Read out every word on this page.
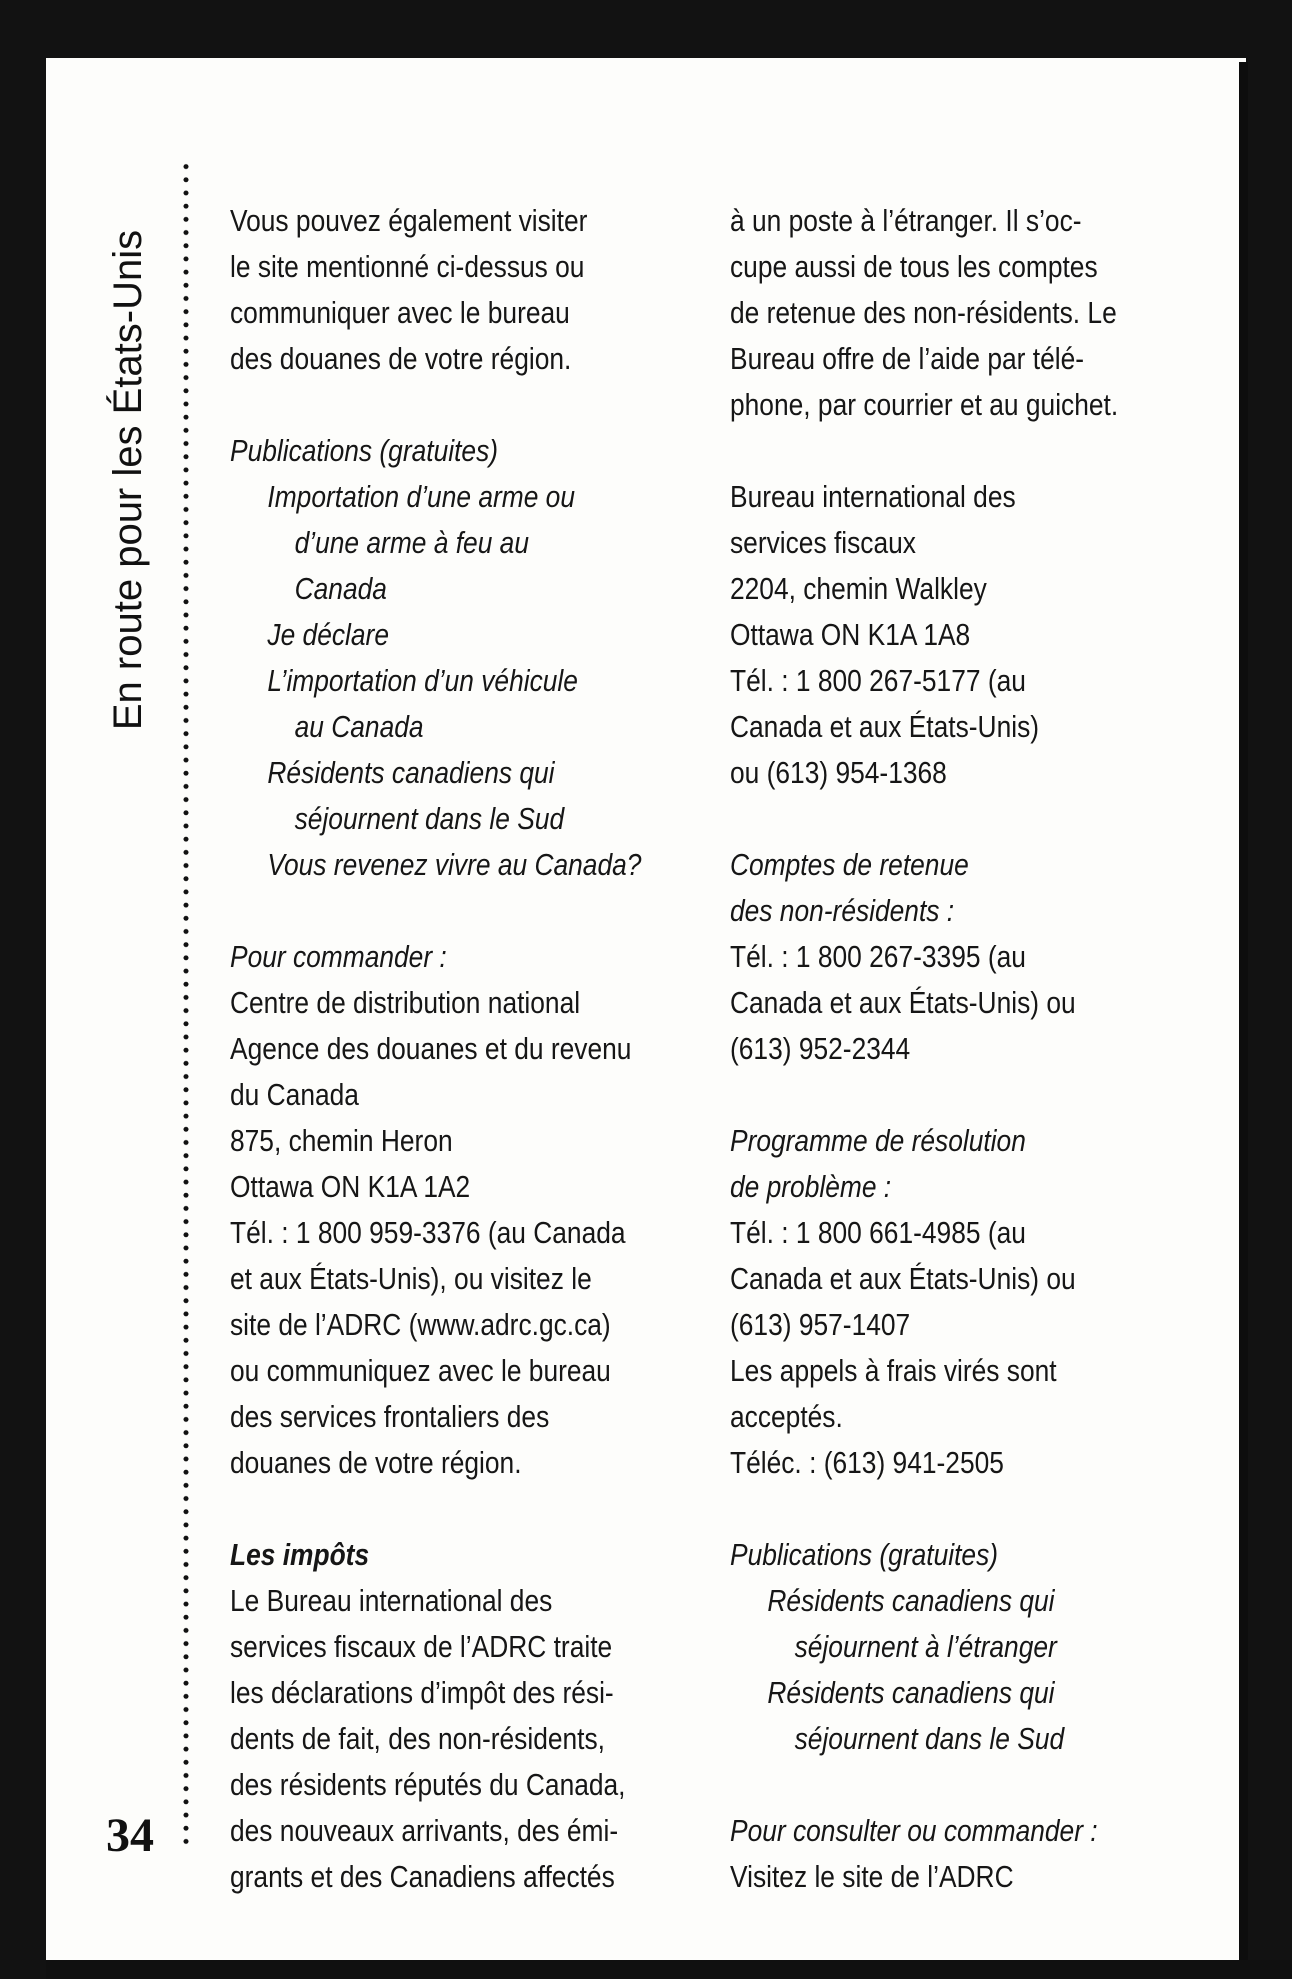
En route pour les États-Unis
34
Vous pouvez également visiter
le site mentionné ci-dessus ou
communiquer avec le bureau
des douanes de votre région.
Publications (gratuites)
Importation d’une arme ou
d’une arme à feu au
Canada
Je déclare
L’importation d’un véhicule
au Canada
Résidents canadiens qui
séjournent dans le Sud
Vous revenez vivre au Canada?
Pour commander :
Centre de distribution national
Agence des douanes et du revenu
du Canada
875, chemin Heron
Ottawa ON K1A 1A2
Tél. : 1 800 959-3376 (au Canada
et aux États-Unis), ou visitez le
site de l’ADRC (www.adrc.gc.ca)
ou communiquez avec le bureau
des services frontaliers des
douanes de votre région.
Les impôts
Le Bureau international des
services fiscaux de l’ADRC traite
les déclarations d’impôt des rési-
dents de fait, des non-résidents,
des résidents réputés du Canada,
des nouveaux arrivants, des émi-
grants et des Canadiens affectés
à un poste à l’étranger. Il s’oc-
cupe aussi de tous les comptes
de retenue des non-résidents. Le
Bureau offre de l’aide par télé-
phone, par courrier et au guichet.
Bureau international des
services fiscaux
2204, chemin Walkley
Ottawa ON K1A 1A8
Tél. : 1 800 267-5177 (au
Canada et aux États-Unis)
ou (613) 954-1368
Comptes de retenue
des non-résidents :
Tél. : 1 800 267-3395 (au
Canada et aux États-Unis) ou
(613) 952-2344
Programme de résolution
de problème :
Tél. : 1 800 661-4985 (au
Canada et aux États-Unis) ou
(613) 957-1407
Les appels à frais virés sont
acceptés.
Téléc. : (613) 941-2505
Publications (gratuites)
Résidents canadiens qui
séjournent à l’étranger
Résidents canadiens qui
séjournent dans le Sud
Pour consulter ou commander :
Visitez le site de l’ADRC
